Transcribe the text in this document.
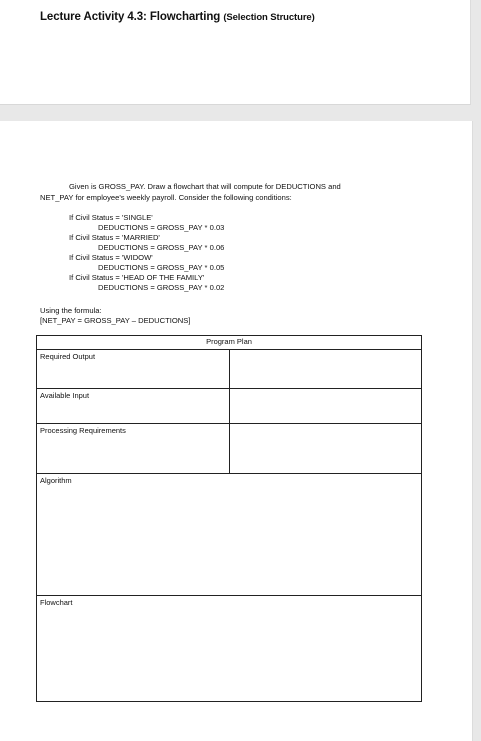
Lecture Activity 4.3: Flowcharting (Selection Structure)
Given is GROSS_PAY. Draw a flowchart that will compute for DEDUCTIONS and
NET_PAY for employee's weekly payroll. Consider the following conditions:
If Civil Status = 'SINGLE'
DEDUCTIONS = GROSS_PAY * 0.03
If Civil Status = 'MARRIED'
DEDUCTIONS = GROSS_PAY * 0.06
If Civil Status = 'WIDOW'
DEDUCTIONS = GROSS_PAY * 0.05
If Civil Status = 'HEAD OF THE FAMILY'
DEDUCTIONS = GROSS_PAY * 0.02
Using the formula:
[NET_PAY = GROSS_PAY – DEDUCTIONS]
Program Plan	
Required Output	
Available Input	
Processing Requirements	
Algorithm	
Flowchart	
